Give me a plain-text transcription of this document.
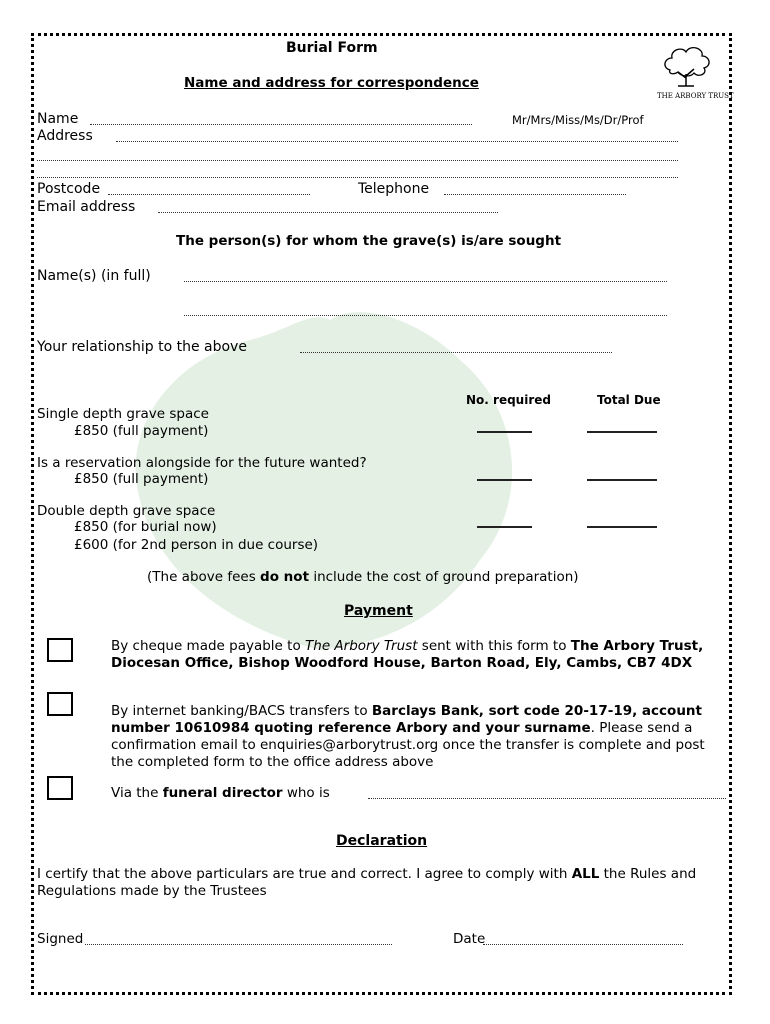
THE ARBORY TRUST
Burial Form
Name and address for correspondence
Name	Mr/Mrs/Miss/Ms/Dr/Prof
Address
Postcode	Telephone
Email address
The person(s) for whom the grave(s) is/are sought
Name(s) (in full)
Your relationship to the above
No. required	Total Due
Single depth grave space
£850 (full payment)
Is a reservation alongside for the future wanted?
£850 (full payment)
Double depth grave space
£850 (for burial now)
£600 (for 2nd person in due course)
(The above fees do not include the cost of ground preparation)
Payment
By cheque made payable to The Arbory Trust sent with this form to The Arbory Trust, Diocesan Office, Bishop Woodford House, Barton Road, Ely, Cambs, CB7 4DX
By internet banking/BACS transfers to Barclays Bank, sort code 20-17-19, account number 10610984 quoting reference Arbory and your surname. Please send a confirmation email to enquiries@arborytrust.org once the transfer is complete and post the completed form to the office address above
Via the funeral director who is
Declaration
I certify that the above particulars are true and correct. I agree to comply with ALL the Rules and Regulations made by the Trustees
Signed	Date
